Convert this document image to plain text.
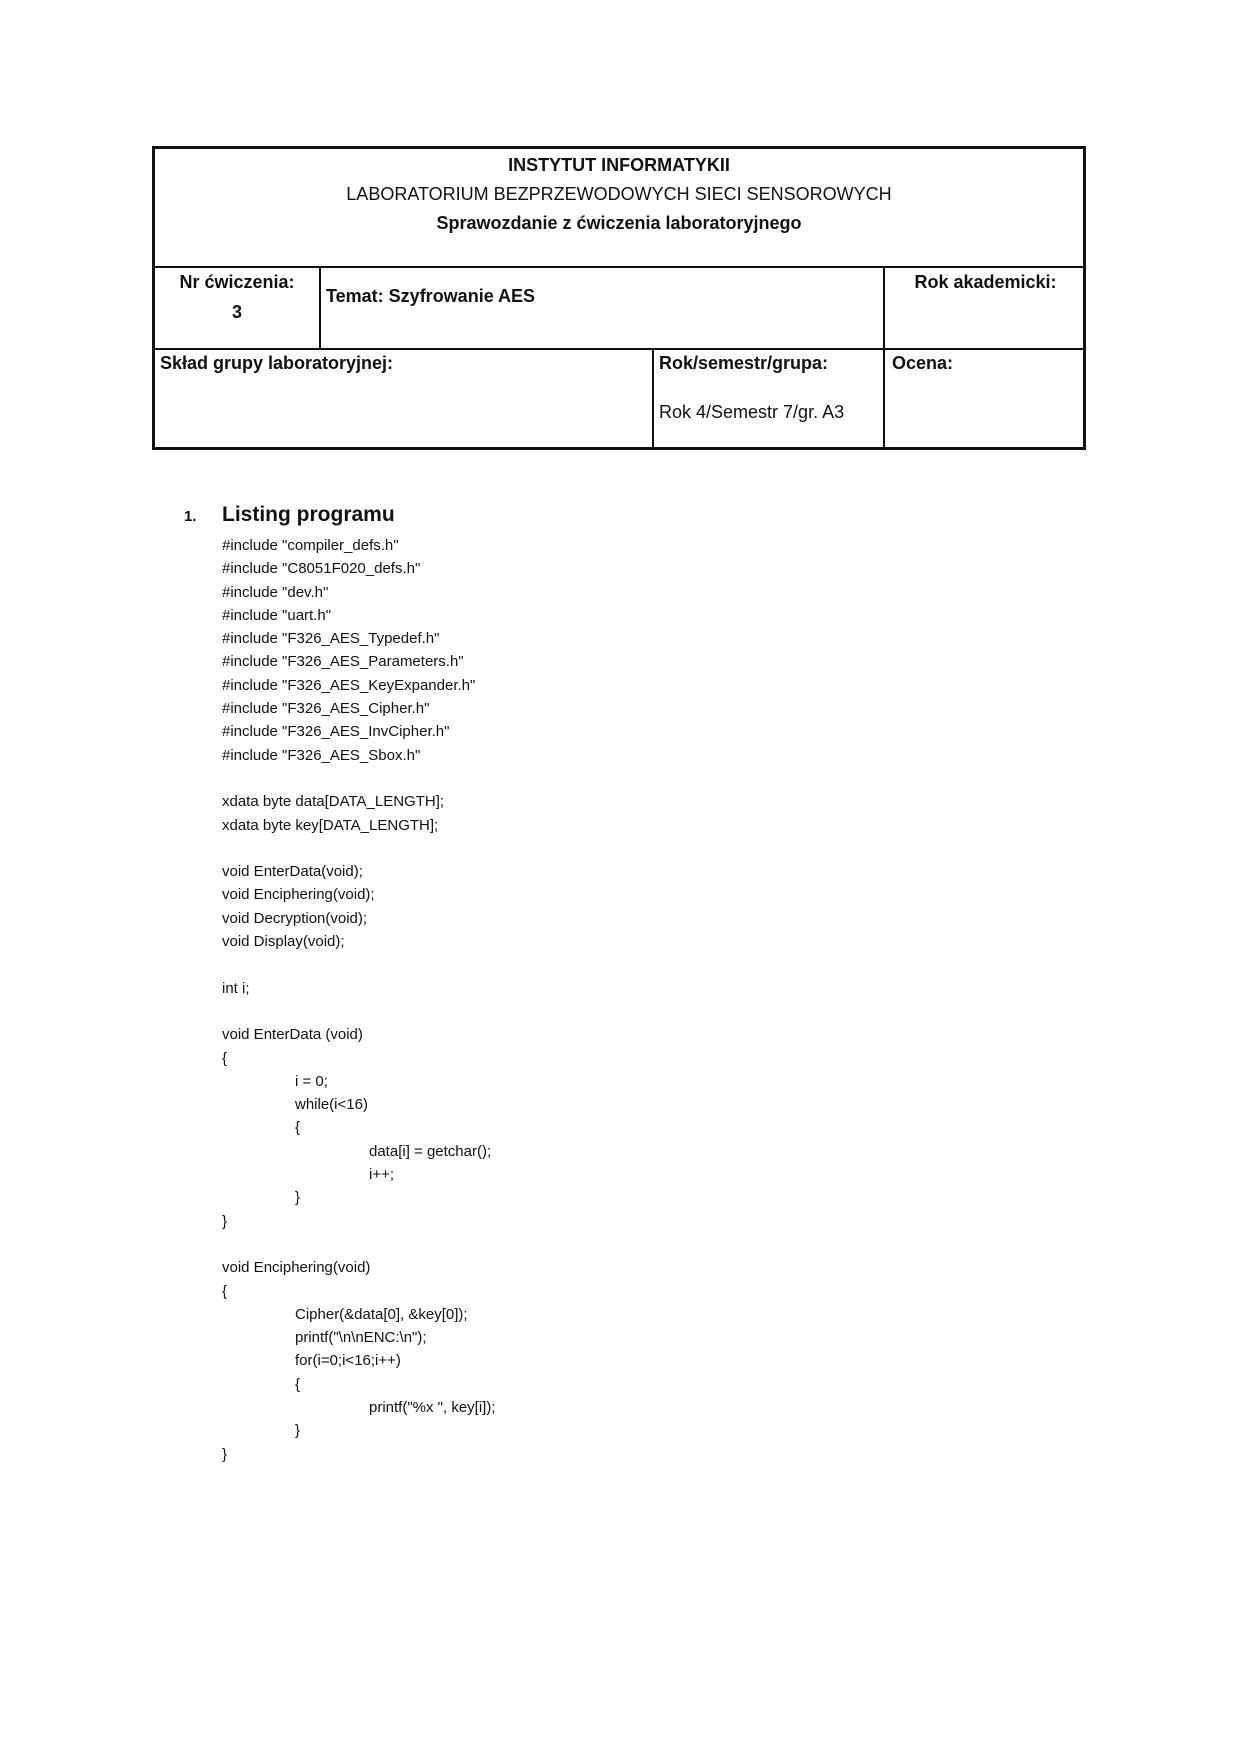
INSTYTUT INFORMATYKII
LABORATORIUM BEZPRZEWODOWYCH SIECI SENSOROWYCH
Sprawozdanie z ćwiczenia laboratoryjnego
Nr ćwiczenia:
3
Temat: Szyfrowanie AES
Rok akademicki:
Skład grupy laboratoryjnej:	Rok/semestr/grupa:
Rok 4/Semestr 7/gr. A3
Ocena:
1. Listing programu
#include "compiler_defs.h"
#include "C8051F020_defs.h"
#include "dev.h"
#include "uart.h"
#include "F326_AES_Typedef.h"
#include "F326_AES_Parameters.h"
#include "F326_AES_KeyExpander.h"
#include "F326_AES_Cipher.h"
#include "F326_AES_InvCipher.h"
#include "F326_AES_Sbox.h"
xdata byte data[DATA_LENGTH];
xdata byte key[DATA_LENGTH];
void EnterData(void);
void Enciphering(void);
void Decryption(void);
void Display(void);
int i;
void EnterData (void)
{
i = 0;
while(i<16)
{
data[i] = getchar();
i++;
}
}
void Enciphering(void)
{
Cipher(&data[0], &key[0]);
printf("\n\nENC:\n");
for(i=0;i<16;i++)
{
printf("%x ", key[i]);
}
}
